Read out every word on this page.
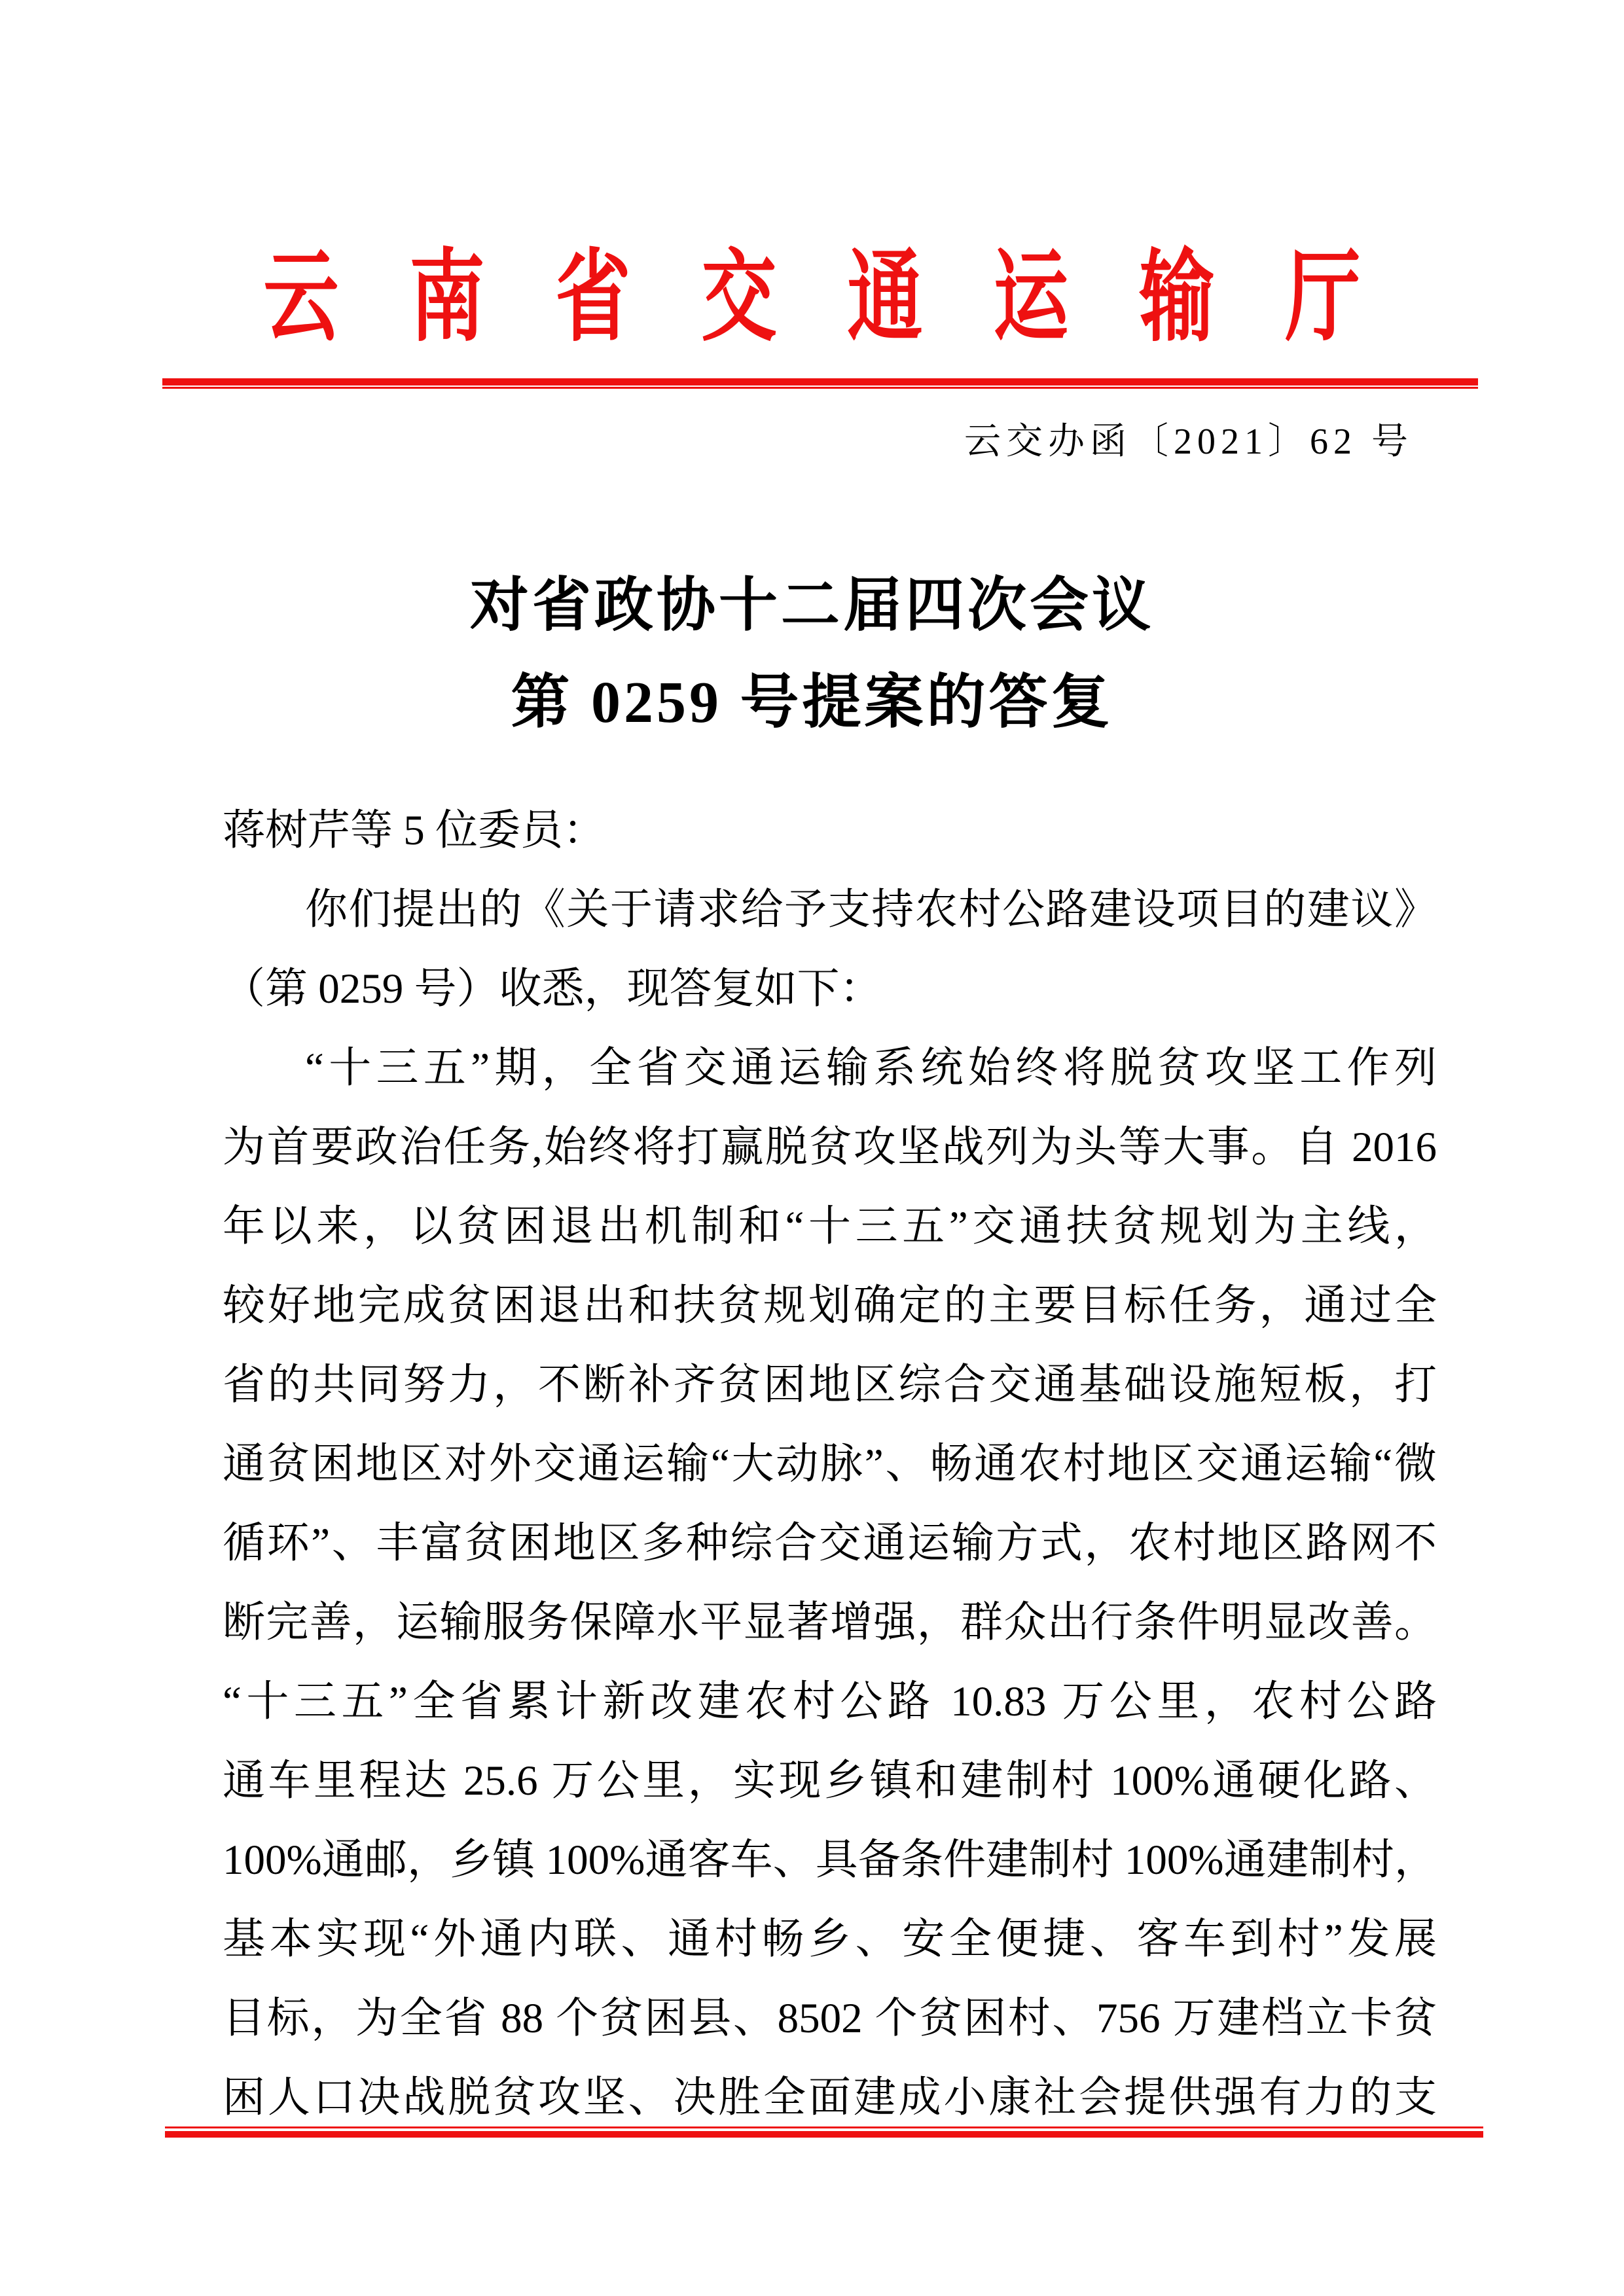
云南省交通运输厅
云交办函〔2021〕62 号
对省政协十二届四次会议
第 0259 号提案的答复
蒋树芹等 5 位委员：
你们提出的《关于请求给予支持农村公路建设项目的建议》
（第 0259 号）收悉，现答复如下：
“十三五”期，全省交通运输系统始终将脱贫攻坚工作列
为首要政治任务,始终将打赢脱贫攻坚战列为头等大事。自 2016
年以来，以贫困退出机制和“十三五”交通扶贫规划为主线，
较好地完成贫困退出和扶贫规划确定的主要目标任务，通过全
省的共同努力，不断补齐贫困地区综合交通基础设施短板，打
通贫困地区对外交通运输“大动脉”、畅通农村地区交通运输“微
循环”、丰富贫困地区多种综合交通运输方式，农村地区路网不
断完善，运输服务保障水平显著增强，群众出行条件明显改善。
“十三五”全省累计新改建农村公路 10.83 万公里，农村公路
通车里程达 25.6 万公里，实现乡镇和建制村 100%通硬化路、
100%通邮，乡镇 100%通客车、具备条件建制村 100%通建制村，
基本实现“外通内联、通村畅乡、安全便捷、客车到村”发展
目标，为全省 88 个贫困县、8502 个贫困村、756 万建档立卡贫
困人口决战脱贫攻坚、决胜全面建成小康社会提供强有力的支
